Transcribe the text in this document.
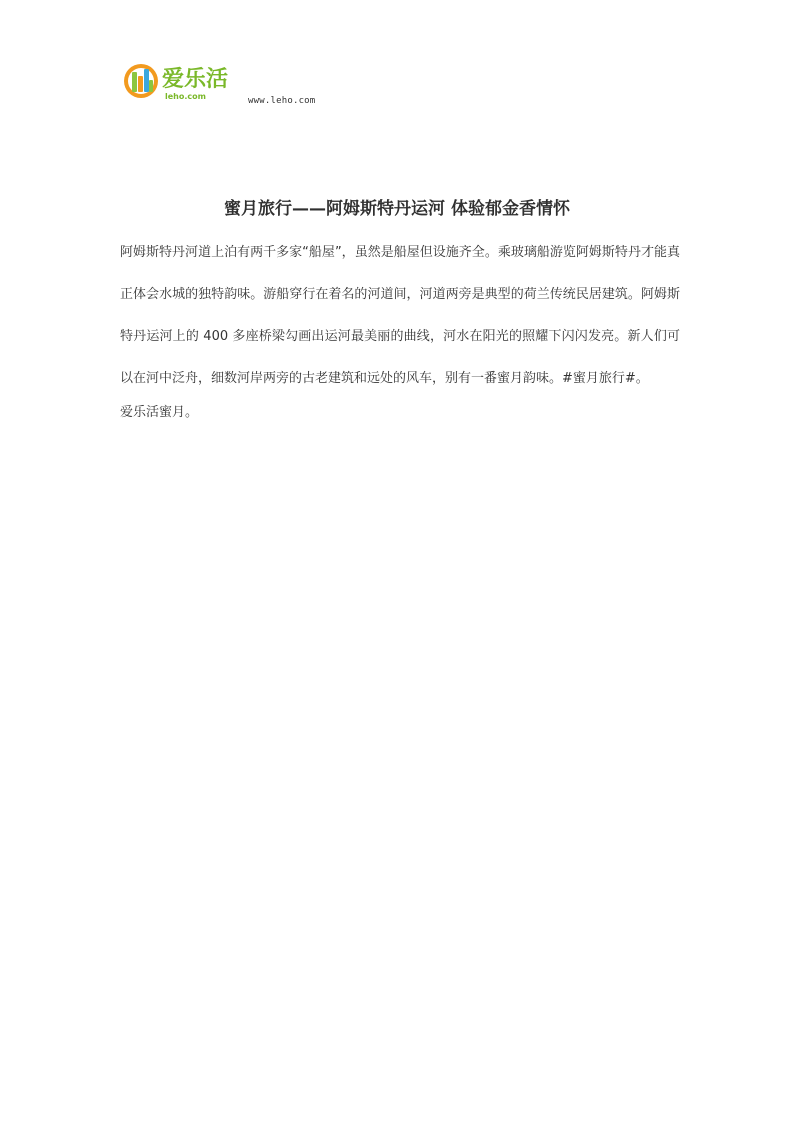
爱乐活
leho.com	www.leho.com
蜜月旅行——阿姆斯特丹运河 体验郁金香情怀

阿姆斯特丹河道上泊有两千多家“船屋”，虽然是船屋但设施齐全。乘玻璃船游览阿姆斯特丹才能真正体会水城的独特韵味。游船穿行在着名的河道间，河道两旁是典型的荷兰传统民居建筑。阿姆斯特丹运河上的 400 多座桥梁勾画出运河最美丽的曲线，河水在阳光的照耀下闪闪发亮。新人们可以在河中泛舟，细数河岸两旁的古老建筑和远处的风车，别有一番蜜月韵味。#蜜月旅行#。

爱乐活蜜月。
